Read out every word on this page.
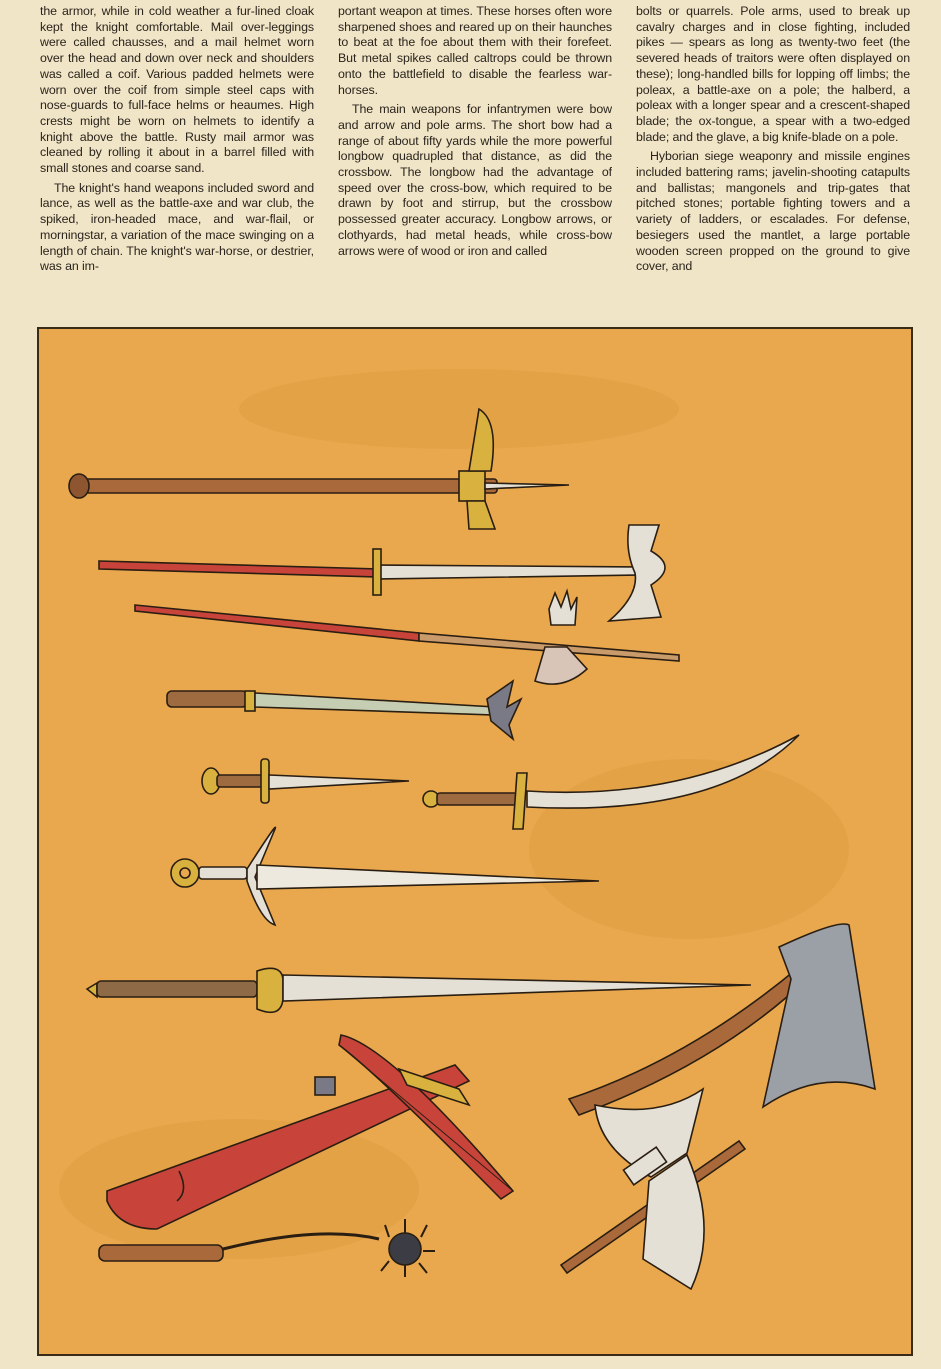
the armor, while in cold weather a fur-lined cloak kept the knight comfortable. Mail over-leggings were called chausses, and a mail helmet worn over the head and down over neck and shoulders was called a coif. Various padded helmets were worn over the coif from simple steel caps with nose-guards to full-face helms or heaumes. High crests might be worn on helmets to identify a knight above the battle. Rusty mail armor was cleaned by rolling it about in a barrel filled with small stones and coarse sand.

The knight's hand weapons included sword and lance, as well as the battle-axe and war club, the spiked, iron-headed mace, and war-flail, or morningstar, a variation of the mace swinging on a length of chain. The knight's war-horse, or destrier, was an im-

portant weapon at times. These horses often wore sharpened shoes and reared up on their haunches to beat at the foe about them with their forefeet. But metal spikes called caltrops could be thrown onto the battlefield to disable the fearless war-horses.

The main weapons for infantrymen were bow and arrow and pole arms. The short bow had a range of about fifty yards while the more powerful longbow quadrupled that distance, as did the crossbow. The longbow had the advantage of speed over the cross-bow, which required to be drawn by foot and stirrup, but the crossbow possessed greater accuracy. Longbow arrows, or clothyards, had metal heads, while cross-bow arrows were of wood or iron and called

bolts or quarrels. Pole arms, used to break up cavalry charges and in close fighting, included pikes — spears as long as twenty-two feet (the severed heads of traitors were often displayed on these); long-handled bills for lopping off limbs; the poleax, a battle-axe on a pole; the halberd, a poleax with a longer spear and a crescent-shaped blade; the ox-tongue, a spear with a two-edged blade; and the glave, a big knife-blade on a pole.

Hyborian siege weaponry and missile engines included battering rams; javelin-shooting catapults and ballistas; mangonels and trip-gates that pitched stones; portable fighting towers and a variety of ladders, or escalades. For defense, besiegers used the mantlet, a large portable wooden screen propped on the ground to give cover, and
